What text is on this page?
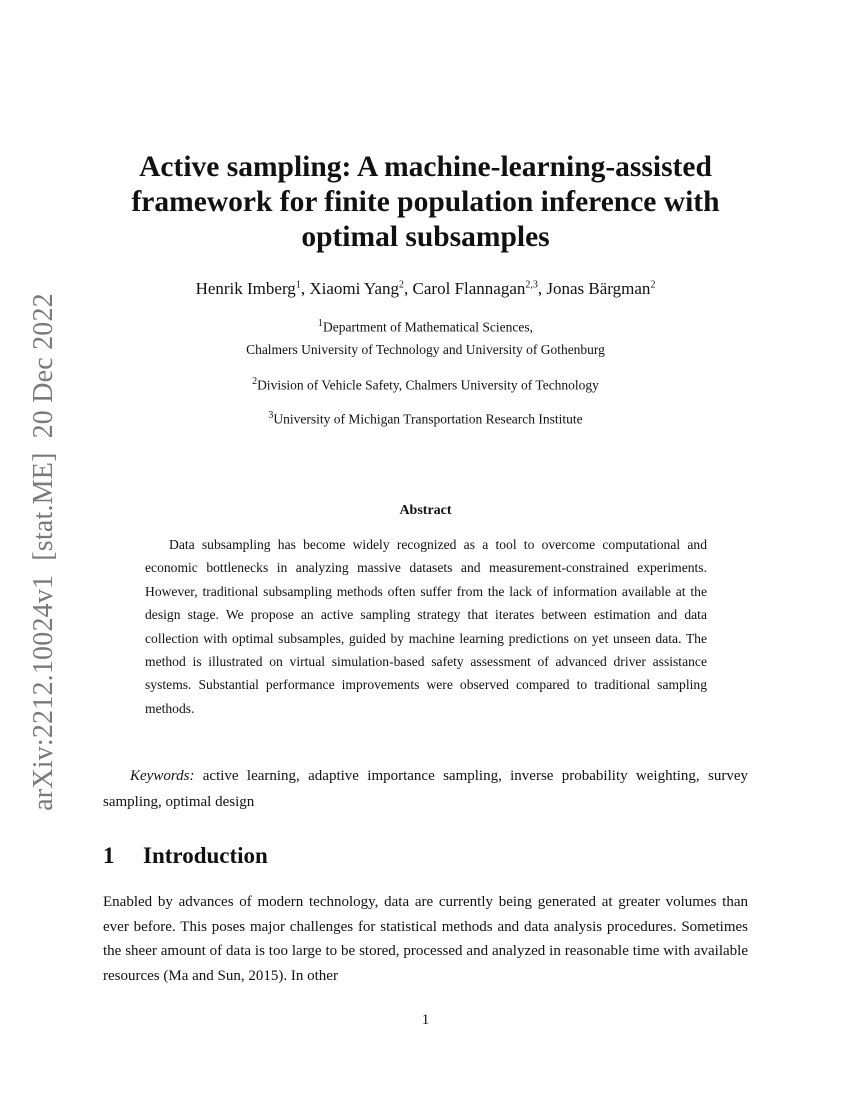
arXiv:2212.10024v1[stat.ME]20 Dec 2022
Active sampling: A machine-learning-assisted
framework for finite population inference with
optimal subsamples
Henrik Imberg$^1$, Xiaomi Yang$^2$, Carol Flannagan$^{2,3}$, Jonas Bärgman$^2$
$^1$Department of Mathematical Sciences,
Chalmers University of Technology and University of Gothenburg
$^2$Division of Vehicle Safety, Chalmers University of Technology
$^3$University of Michigan Transportation Research Institute
Abstract
Data subsampling has become widely recognized as a tool to overcome computational and economic bottlenecks in analyzing massive datasets and measurement-constrained experiments. However, traditional subsampling methods often suffer from the lack of information available at the design stage. We propose an active sampling strategy that iterates between estimation and data collection with optimal subsamples, guided by machine learning predictions on yet unseen data. The method is illustrated on virtual simulation-based safety assessment of advanced driver assistance systems. Substantial performance improvements were observed compared to traditional sampling methods.
Keywords: active learning, adaptive importance sampling, inverse probability weighting, survey sampling, optimal design
1 Introduction
Enabled by advances of modern technology, data are currently being generated at greater volumes than ever before. This poses major challenges for statistical methods and data analysis procedures. Sometimes the sheer amount of data is too large to be stored, processed and analyzed in reasonable time with available resources (Ma and Sun, 2015). In other
1
